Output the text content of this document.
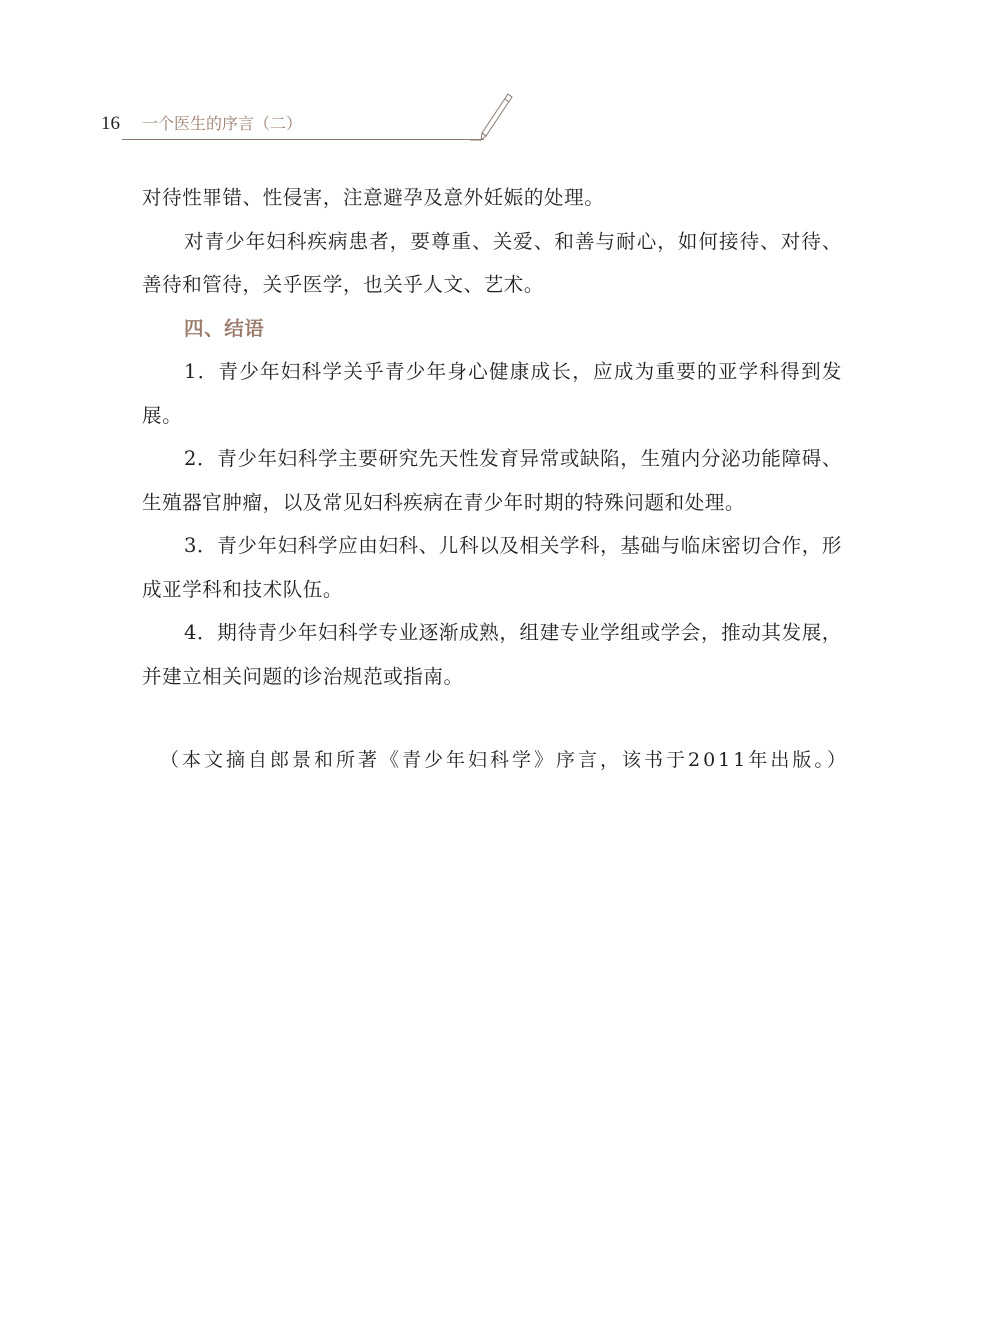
16 一个医生的序言（二）

对待性罪错、性侵害，注意避孕及意外妊娠的处理。

对青少年妇科疾病患者，要尊重、关爱、和善与耐心，如何接待、对待、善待和管待，关乎医学，也关乎人文、艺术。

四、结语

1．青少年妇科学关乎青少年身心健康成长，应成为重要的亚学科得到发展。

2．青少年妇科学主要研究先天性发育异常或缺陷，生殖内分泌功能障碍、生殖器官肿瘤，以及常见妇科疾病在青少年时期的特殊问题和处理。

3．青少年妇科学应由妇科、儿科以及相关学科，基础与临床密切合作，形成亚学科和技术队伍。

4．期待青少年妇科学专业逐渐成熟，组建专业学组或学会，推动其发展，并建立相关问题的诊治规范或指南。

（本文摘自郎景和所著《青少年妇科学》序言，该书于2011年出版。）
